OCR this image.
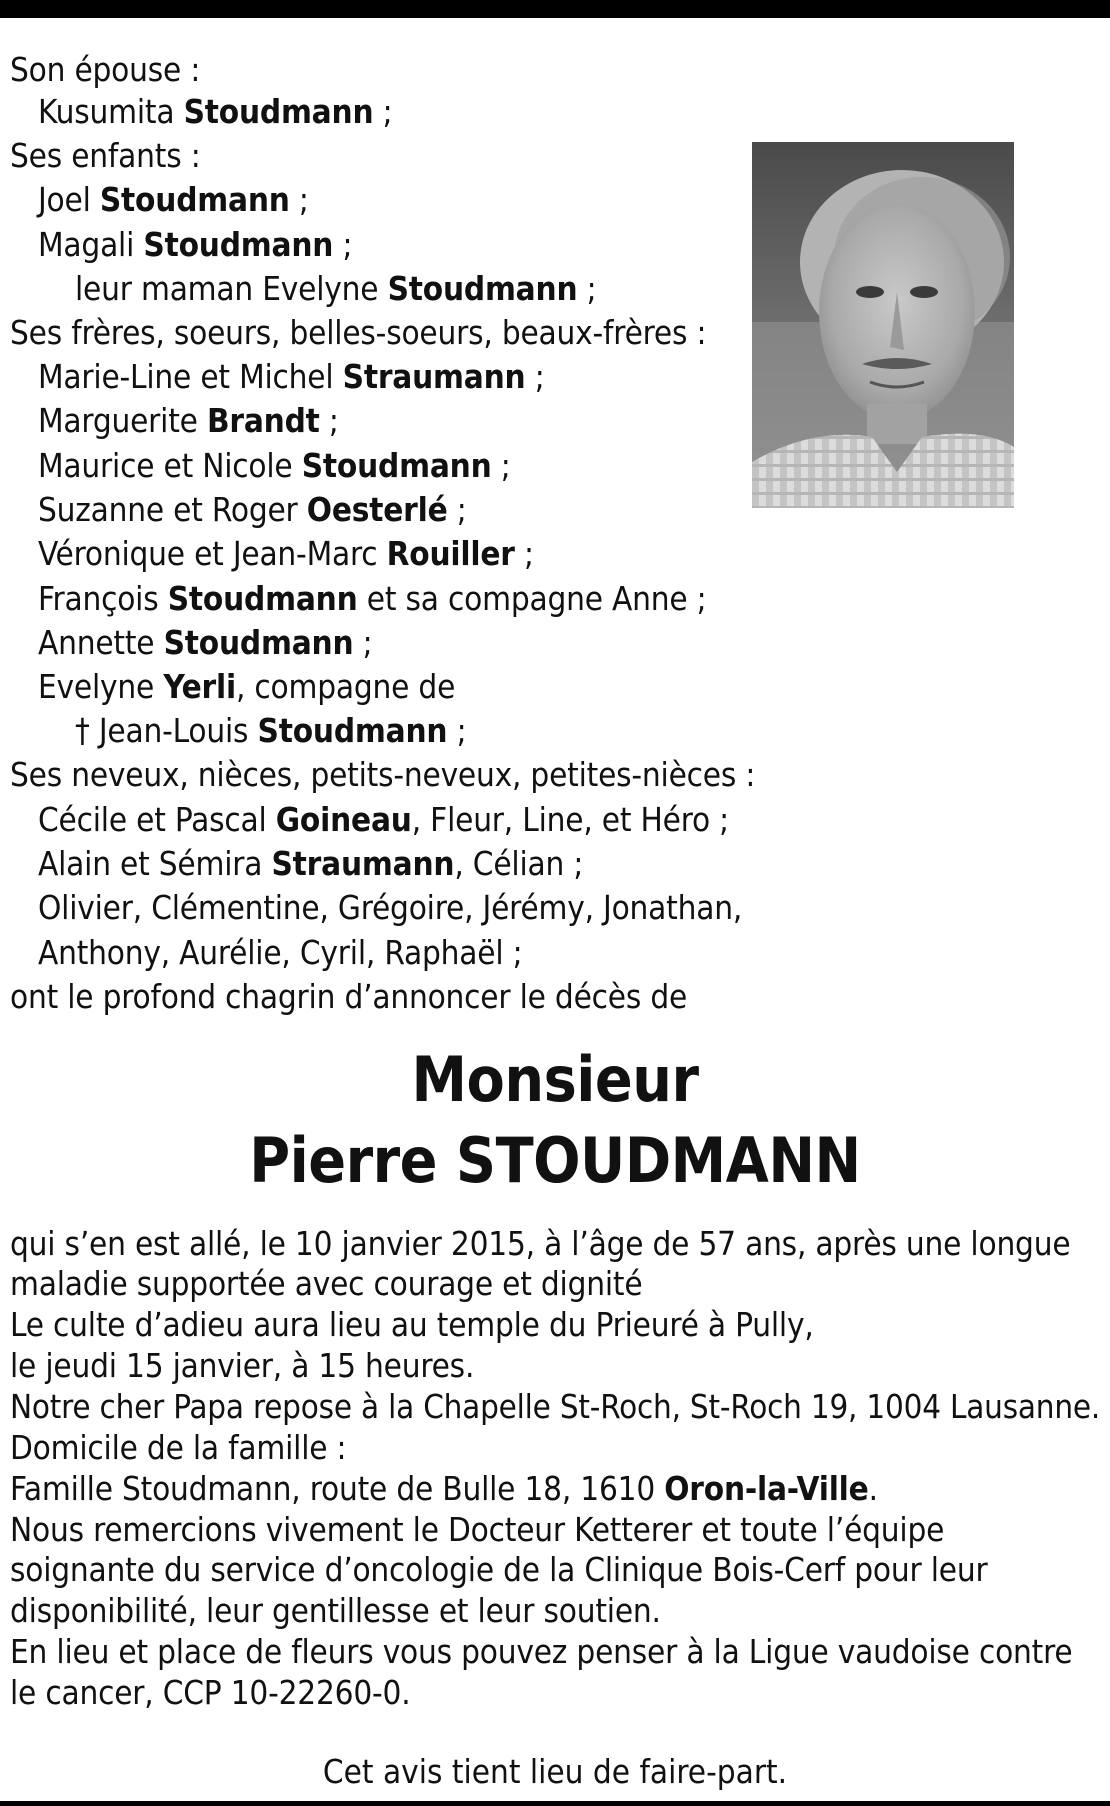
Son épouse :
Kusumita Stoudmann ;
Ses enfants :
Joel Stoudmann ;
Magali Stoudmann ;
leur maman Evelyne Stoudmann ;
Ses frères, soeurs, belles-soeurs, beaux-frères :
Marie-Line et Michel Straumann ;
Marguerite Brandt ;
Maurice et Nicole Stoudmann ;
Suzanne et Roger Oesterlé ;
Véronique et Jean-Marc Rouiller ;
François Stoudmann et sa compagne Anne ;
Annette Stoudmann ;
Evelyne Yerli, compagne de
† Jean-Louis Stoudmann ;
Ses neveux, nièces, petits-neveux, petites-nièces :
Cécile et Pascal Goineau, Fleur, Line, et Héro ;
Alain et Sémira Straumann, Célian ;
Olivier, Clémentine, Grégoire, Jérémy, Jonathan,
Anthony, Aurélie, Cyril, Raphaël ;
ont le profond chagrin d’annoncer le décès de
Monsieur
Pierre STOUDMANN
qui s’en est allé, le 10 janvier 2015, à l’âge de 57 ans, après une longue
maladie supportée avec courage et dignité
Le culte d’adieu aura lieu au temple du Prieuré à Pully,
le jeudi 15 janvier, à 15 heures.
Notre cher Papa repose à la Chapelle St-Roch, St-Roch 19, 1004 Lausanne.
Domicile de la famille :
Famille Stoudmann, route de Bulle 18, 1610 Oron-la-Ville.
Nous remercions vivement le Docteur Ketterer et toute l’équipe
soignante du service d’oncologie de la Clinique Bois-Cerf pour leur
disponibilité, leur gentillesse et leur soutien.
En lieu et place de fleurs vous pouvez penser à la Ligue vaudoise contre
le cancer, CCP 10-22260-0.
Cet avis tient lieu de faire-part.
